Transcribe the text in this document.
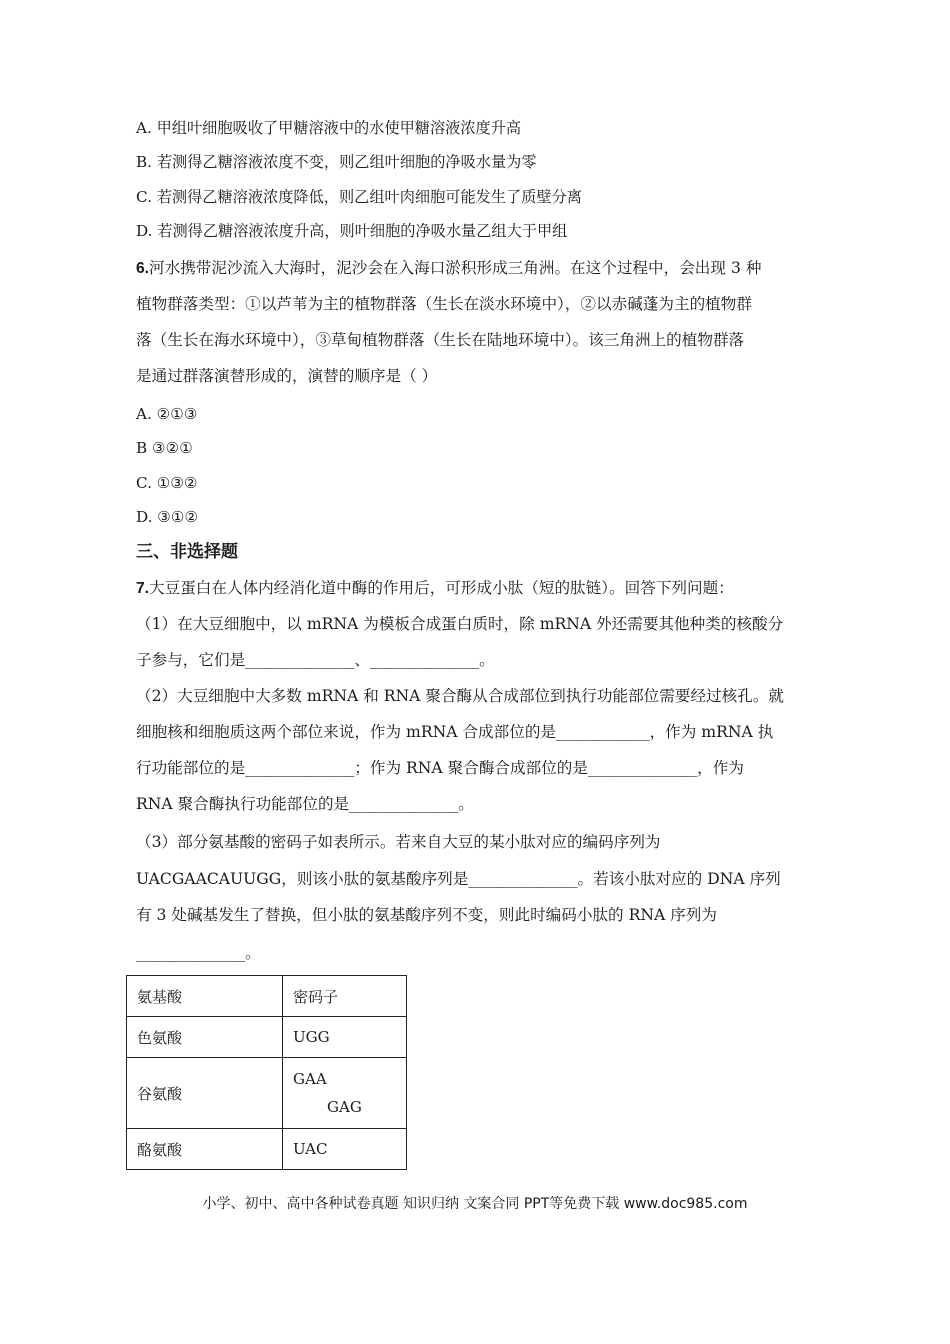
A. 甲组叶细胞吸收了甲糖溶液中的水使甲糖溶液浓度升高
B. 若测得乙糖溶液浓度不变，则乙组叶细胞的净吸水量为零
C. 若测得乙糖溶液浓度降低，则乙组叶肉细胞可能发生了质壁分离
D. 若测得乙糖溶液浓度升高，则叶细胞的净吸水量乙组大于甲组
6.河水携带泥沙流入大海时，泥沙会在入海口淤积形成三角洲。在这个过程中，会出现 3 种
植物群落类型：①以芦苇为主的植物群落（生长在淡水环境中），②以赤碱蓬为主的植物群
落（生长在海水环境中），③草甸植物群落（生长在陆地环境中）。该三角洲上的植物群落
是通过群落演替形成的，演替的顺序是（ ）
A. ②①③
B ③②①
C. ①③②
D. ③①②
三、非选择题
7.大豆蛋白在人体内经消化道中酶的作用后，可形成小肽（短的肽链）。回答下列问题：
（1）在大豆细胞中，以 mRNA 为模板合成蛋白质时，除 mRNA 外还需要其他种类的核酸分
子参与，它们是______________、______________。
（2）大豆细胞中大多数 mRNA 和 RNA 聚合酶从合成部位到执行功能部位需要经过核孔。就
细胞核和细胞质这两个部位来说，作为 mRNA 合成部位的是____________，作为 mRNA 执
行功能部位的是______________；作为 RNA 聚合酶合成部位的是______________，作为
RNA 聚合酶执行功能部位的是______________。
（3）部分氨基酸的密码子如表所示。若来自大豆的某小肽对应的编码序列为
UACGAACAUUGG，则该小肽的氨基酸序列是______________。若该小肽对应的 DNA 序列
有 3 处碱基发生了替换，但小肽的氨基酸序列不变，则此时编码小肽的 RNA 序列为
______________。
氨基酸	密码子
色氨酸	UGG
谷氨酸	GAA
GAG

酪氨酸	UAC
小学、初中、高中各种试卷真题 知识归纳 文案合同 PPT等免费下载 www.doc985.com
